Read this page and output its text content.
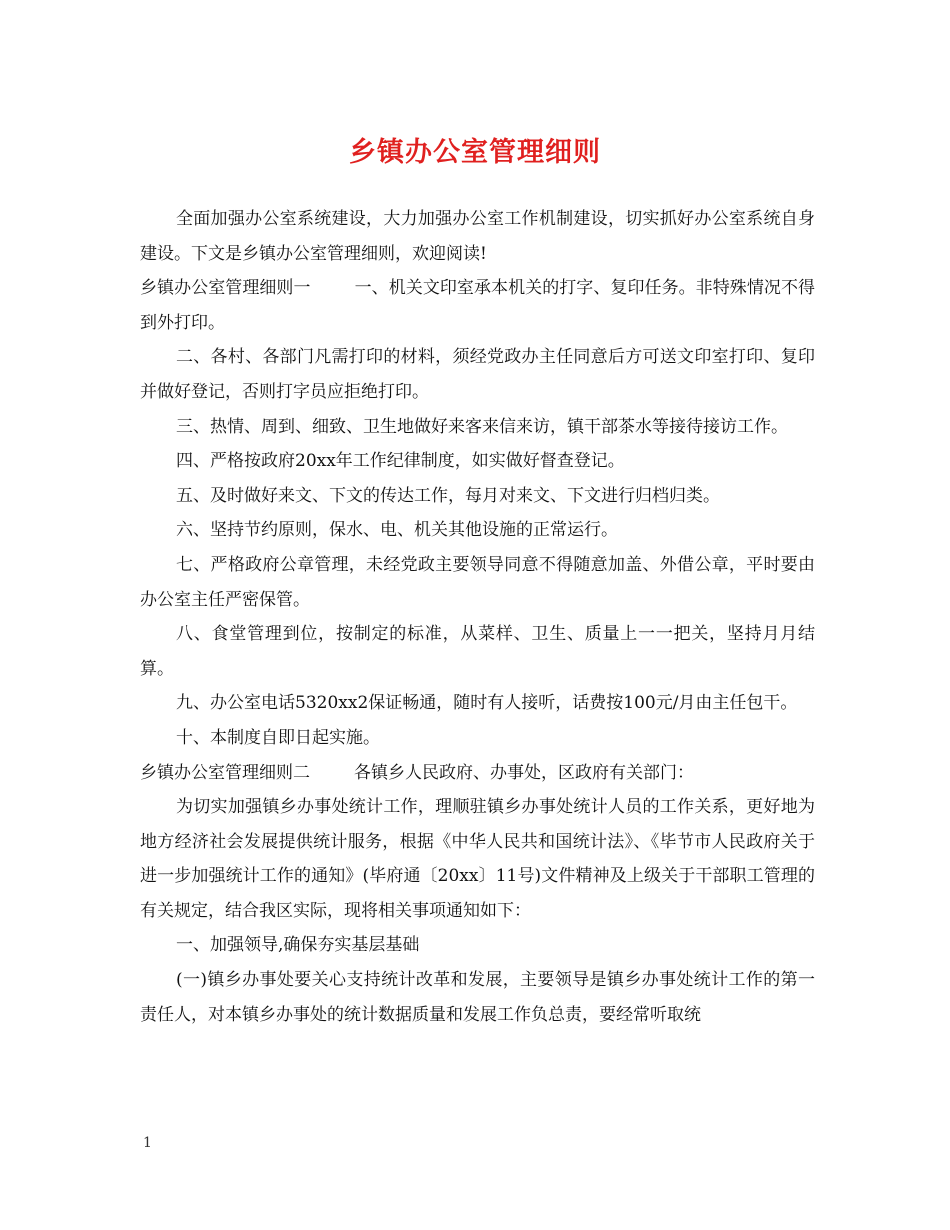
乡镇办公室管理细则

全面加强办公室系统建设，大力加强办公室工作机制建设，切实抓好办公室系统自身建设。下文是乡镇办公室管理细则，欢迎阅读!

乡镇办公室管理细则一	一、机关文印室承本机关的打字、复印任务。非特殊情况不得到外打印。

二、各村、各部门凡需打印的材料，须经党政办主任同意后方可送文印室打印、复印并做好登记，否则打字员应拒绝打印。

三、热情、周到、细致、卫生地做好来客来信来访，镇干部茶水等接待接访工作。

四、严格按政府20xx年工作纪律制度，如实做好督查登记。

五、及时做好来文、下文的传达工作，每月对来文、下文进行归档归类。

六、坚持节约原则，保水、电、机关其他设施的正常运行。

七、严格政府公章管理，未经党政主要领导同意不得随意加盖、外借公章，平时要由办公室主任严密保管。

八、食堂管理到位，按制定的标准，从菜样、卫生、质量上一一把关，坚持月月结算。

九、办公室电话5320xx2保证畅通，随时有人接听，话费按100元/月由主任包干。

十、本制度自即日起实施。

乡镇办公室管理细则二	各镇乡人民政府、办事处，区政府有关部门：

为切实加强镇乡办事处统计工作，理顺驻镇乡办事处统计人员的工作关系，更好地为地方经济社会发展提供统计服务，根据《中华人民共和国统计法》、《毕节市人民政府关于进一步加强统计工作的通知》(毕府通〔20xx〕11号)文件精神及上级关于干部职工管理的有关规定，结合我区实际，现将相关事项通知如下：

一、加强领导,确保夯实基层基础

(一)镇乡办事处要关心支持统计改革和发展，主要领导是镇乡办事处统计工作的第一责任人，对本镇乡办事处的统计数据质量和发展工作负总责，要经常听取统

1
